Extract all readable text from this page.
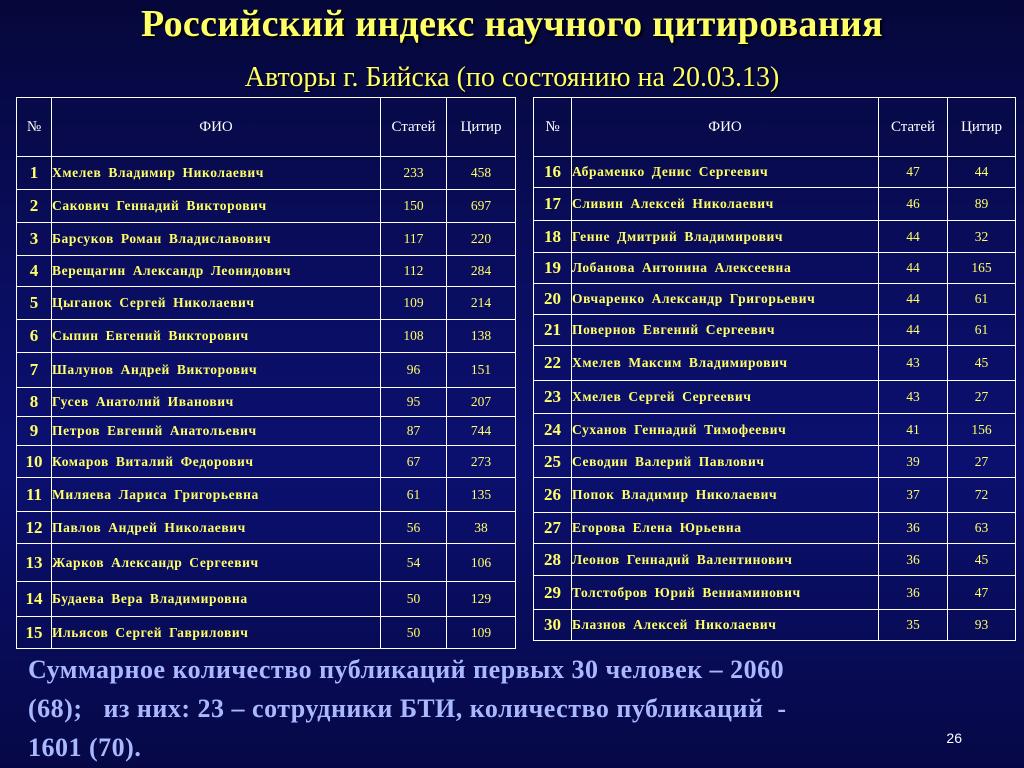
Российский индекс научного цитирования
Авторы г. Бийска (по состоянию на 20.03.13)
№	ФИО	Статей	Цитир
1	Хмелев Владимир Николаевич	233	458
2	Сакович Геннадий Викторович	150	697
3	Барсуков Роман Владиславович	117	220
4	Верещагин Александр Леонидович	112	284
5	Цыганок Сергей Николаевич	109	214
6	Сыпин Евгений Викторович	108	138
7	Шалунов Андрей Викторович	96	151
8	Гусев Анатолий Иванович	95	207
9	Петров Евгений Анатольевич	87	744
10	Комаров Виталий Федорович	67	273
11	Миляева Лариса Григорьевна	61	135
12	Павлов Андрей Николаевич	56	38
13	Жарков Александр Сергеевич	54	106
14	Будаева Вера Владимировна	50	129
15	Ильясов Сергей Гаврилович	50	109
№	ФИО	Статей	Цитир
16	Абраменко Денис Сергеевич	47	44
17	Сливин Алексей Николаевич	46	89
18	Генне Дмитрий Владимирович	44	32
19	Лобанова Антонина Алексеевна	44	165
20	Овчаренко Александр Григорьевич	44	61
21	Повернов Евгений Сергеевич	44	61
22	Хмелев Максим Владимирович	43	45
23	Хмелев Сергей Сергеевич	43	27
24	Суханов Геннадий Тимофеевич	41	156
25	Севодин Валерий Павлович	39	27
26	Попок Владимир Николаевич	37	72
27	Егорова Елена Юрьевна	36	63
28	Леонов Геннадий Валентинович	36	45
29	Толстобров Юрий Вениаминович	36	47
30	Блазнов Алексей Николаевич	35	93
Суммарное количество публикаций первых 30 человек – 2060
(68);   из них: 23 – сотрудники БТИ, количество публикаций  -
1601 (70).	26
